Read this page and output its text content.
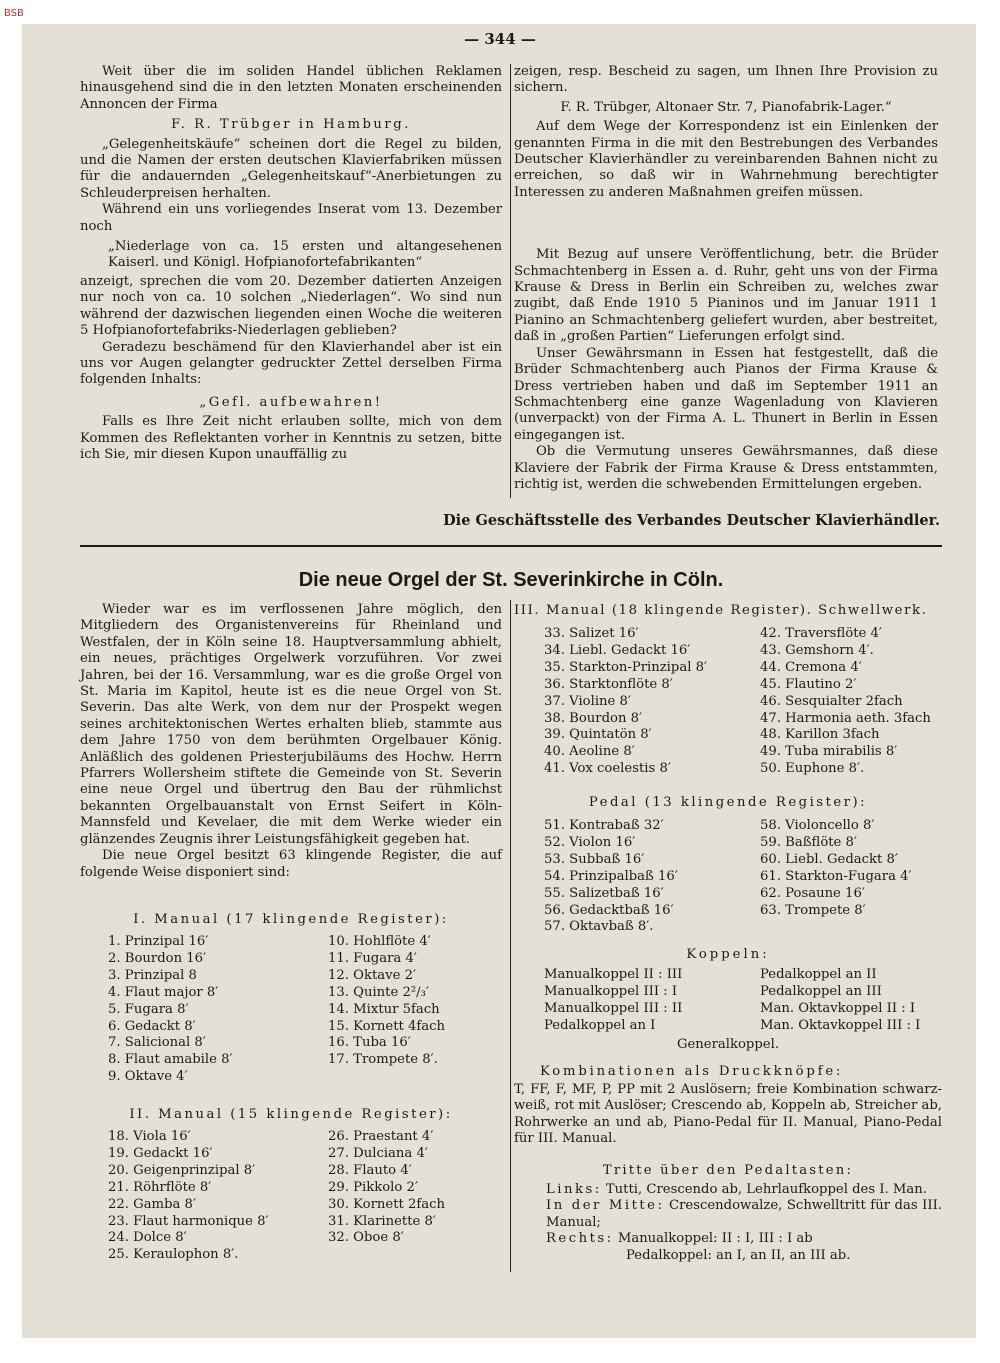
BSB
— 344 —

Weit über die im soliden Handel üblichen Reklamen hinausgehend sind die in den letzten Monaten erscheinenden Annoncen der Firma

F. R. Trübger in Hamburg.

„Gelegenheitskäufe“ scheinen dort die Regel zu bilden, und die Namen der ersten deutschen Klavierfabriken müssen für die andauernden „Gelegenheitskauf“-Anerbietungen zu Schleuderpreisen herhalten.

Während ein uns vorliegendes Inserat vom 13. Dezember noch

„Niederlage von ca. 15 ersten und altangesehenen Kaiserl. und Königl. Hofpianofortefabrikanten“

anzeigt, sprechen die vom 20. Dezember datierten Anzeigen nur noch von ca. 10 solchen „Niederlagen“. Wo sind nun während der dazwischen liegenden einen Woche die weiteren 5 Hofpianofortefabriks-Niederlagen geblieben?

Geradezu beschämend für den Klavierhandel aber ist ein uns vor Augen gelangter gedruckter Zettel derselben Firma folgenden Inhalts:

„Gefl. aufbewahren!

Falls es Ihre Zeit nicht erlauben sollte, mich von dem Kommen des Reflektanten vorher in Kenntnis zu setzen, bitte ich Sie, mir diesen Kupon unauffällig zu

zeigen, resp. Bescheid zu sagen, um Ihnen Ihre Provision zu sichern.

F. R. Trübger, Altonaer Str. 7, Pianofabrik-Lager.“

Auf dem Wege der Korrespondenz ist ein Einlenken der genannten Firma in die mit den Bestrebungen des Verbandes Deutscher Klavierhändler zu vereinbarenden Bahnen nicht zu erreichen, so daß wir in Wahrnehmung berechtigter Interessen zu anderen Maßnahmen greifen müssen.

Mit Bezug auf unsere Veröffentlichung, betr. die Brüder Schmachtenberg in Essen a. d. Ruhr, geht uns von der Firma Krause & Dress in Berlin ein Schreiben zu, welches zwar zugibt, daß Ende 1910 5 Pianinos und im Januar 1911 1 Pianino an Schmachtenberg geliefert wurden, aber bestreitet, daß in „großen Partien“ Lieferungen erfolgt sind.

Unser Gewährsmann in Essen hat festgestellt, daß die Brüder Schmachtenberg auch Pianos der Firma Krause & Dress vertrieben haben und daß im September 1911 an Schmachtenberg eine ganze Wagenladung von Klavieren (unverpackt) von der Firma A. L. Thunert in Berlin in Essen eingegangen ist.

Ob die Vermutung unseres Gewährsmannes, daß diese Klaviere der Fabrik der Firma Krause & Dress entstammten, richtig ist, werden die schwebenden Ermittelungen ergeben.

Die Geschäftsstelle des Verbandes Deutscher Klavierhändler.
Die neue Orgel der St. Severinkirche in Cöln.

Wieder war es im verflossenen Jahre möglich, den Mitgliedern des Organistenvereins für Rheinland und Westfalen, der in Köln seine 18. Hauptversammlung abhielt, ein neues, prächtiges Orgelwerk vorzuführen. Vor zwei Jahren, bei der 16. Versammlung, war es die große Orgel von St. Maria im Kapitol, heute ist es die neue Orgel von St. Severin. Das alte Werk, von dem nur der Prospekt wegen seines architektonischen Wertes erhalten blieb, stammte aus dem Jahre 1750 von dem berühmten Orgelbauer König. Anläßlich des goldenen Priesterjubiläums des Hochw. Herrn Pfarrers Wollersheim stiftete die Gemeinde von St. Severin eine neue Orgel und übertrug den Bau der rühmlichst bekannten Orgelbauanstalt von Ernst Seifert in Köln-Mannsfeld und Kevelaer, die mit dem Werke wieder ein glänzendes Zeugnis ihrer Leistungsfähigkeit gegeben hat.

Die neue Orgel besitzt 63 klingende Register, die auf folgende Weise disponiert sind:

I. Manual (17 klingende Register):
1. Prinzipal 16′	10. Hohlflöte 4′
2. Bourdon 16′	11. Fugara 4′
3. Prinzipal 8	12. Oktave 2′
4. Flaut major 8′	13. Quinte 2²/₃′
5. Fugara 8′	14. Mixtur 5fach
6. Gedackt 8′	15. Kornett 4fach
7. Salicional 8′	16. Tuba 16′
8. Flaut amabile 8′	17. Trompete 8′.
9. Oktave 4′
II. Manual (15 klingende Register):
18. Viola 16′	26. Praestant 4′
19. Gedackt 16′	27. Dulciana 4′
20. Geigenprinzipal 8′	28. Flauto 4′
21. Röhrflöte 8′	29. Pikkolo 2′
22. Gamba 8′	30. Kornett 2fach
23. Flaut harmonique 8′	31. Klarinette 8′
24. Dolce 8′	32. Oboe 8′
25. Keraulophon 8′.
III. Manual (18 klingende Register). Schwellwerk.
33. Salizet 16′	42. Traversflöte 4′
34. Liebl. Gedackt 16′	43. Gemshorn 4′.
35. Starkton-Prinzipal 8′	44. Cremona 4′
36. Starktonflöte 8′	45. Flautino 2′
37. Violine 8′	46. Sesquialter 2fach
38. Bourdon 8′	47. Harmonia aeth. 3fach
39. Quintatön 8′	48. Karillon 3fach
40. Aeoline 8′	49. Tuba mirabilis 8′
41. Vox coelestis 8′	50. Euphone 8′.
Pedal (13 klingende Register):
51. Kontrabaß 32′	58. Violoncello 8′
52. Violon 16′	59. Baßflöte 8′
53. Subbaß 16′	60. Liebl. Gedackt 8′
54. Prinzipalbaß 16′	61. Starkton-Fugara 4′
55. Salizetbaß 16′	62. Posaune 16′
56. Gedacktbaß 16′	63. Trompete 8′
57. Oktavbaß 8′.
Koppeln:
Manualkoppel II : III	Pedalkoppel an II
Manualkoppel III : I	Pedalkoppel an III
Manualkoppel III : II	Man. Oktavkoppel II : I
Pedalkoppel an I	Man. Oktavkoppel III : I
Generalkoppel.
Kombinationen als Druckknöpfe:
T, FF, F, MF, P, PP mit 2 Auslösern; freie Kombination schwarz-weiß, rot mit Auslöser; Crescendo ab, Koppeln ab, Streicher ab, Rohrwerke an und ab, Piano-Pedal für II. Manual, Piano-Pedal für III. Manual.
Tritte über den Pedaltasten:

Links: Tutti, Crescendo ab, Lehrlaufkoppel des I. Man.

In der Mitte: Crescendowalze, Schwelltritt für das III. Manual;

Rechts: Manualkoppel: II : I, III : I ab

Pedalkoppel: an I, an II, an III ab.
